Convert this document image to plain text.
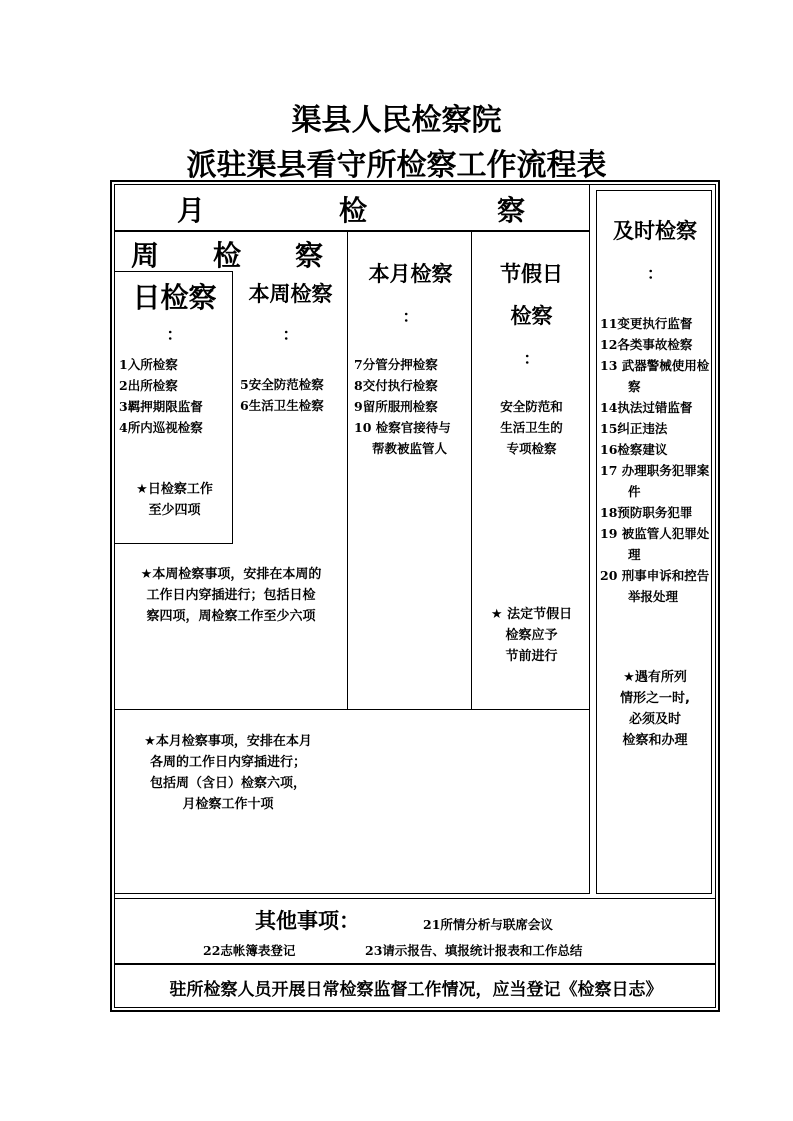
渠县人民检察院
派驻渠县看守所检察工作流程表
月	检	察
周 检 察
日检察
：
1入所检察
2出所检察
3羁押期限监督
4所内巡视检察
★日检察工作
至少四项
本周检察
：
5安全防范检察
6生活卫生检察
★本周检察事项，安排在本周的
工作日内穿插进行；包括日检
察四项，周检察工作至少六项
本月检察
：
7分管分押检察
8交付执行检察
9留所服刑检察
10 检察官接待与
帮教被监管人
节假日
检察
：
安全防范和
生活卫生的
专项检察
★ 法定节假日
检察应予
节前进行
★本月检察事项，安排在本月
各周的工作日内穿插进行；
包括周（含日）检察六项，
月检察工作十项
及时检察
：
11变更执行监督
12各类事故检察
13 武器警械使用检察
14执法过错监督
15纠正违法
16检察建议
17 办理职务犯罪案件
18预防职务犯罪
19 被监管人犯罪处理
20 刑事申诉和控告举报处理
★遇有所列
情形之一时,
必须及时
检察和办理
其他事项：	21所情分析与联席会议
22志帐簿表登记	23请示报告、填报统计报表和工作总结
驻所检察人员开展日常检察监督工作情况，应当登记《检察日志》
